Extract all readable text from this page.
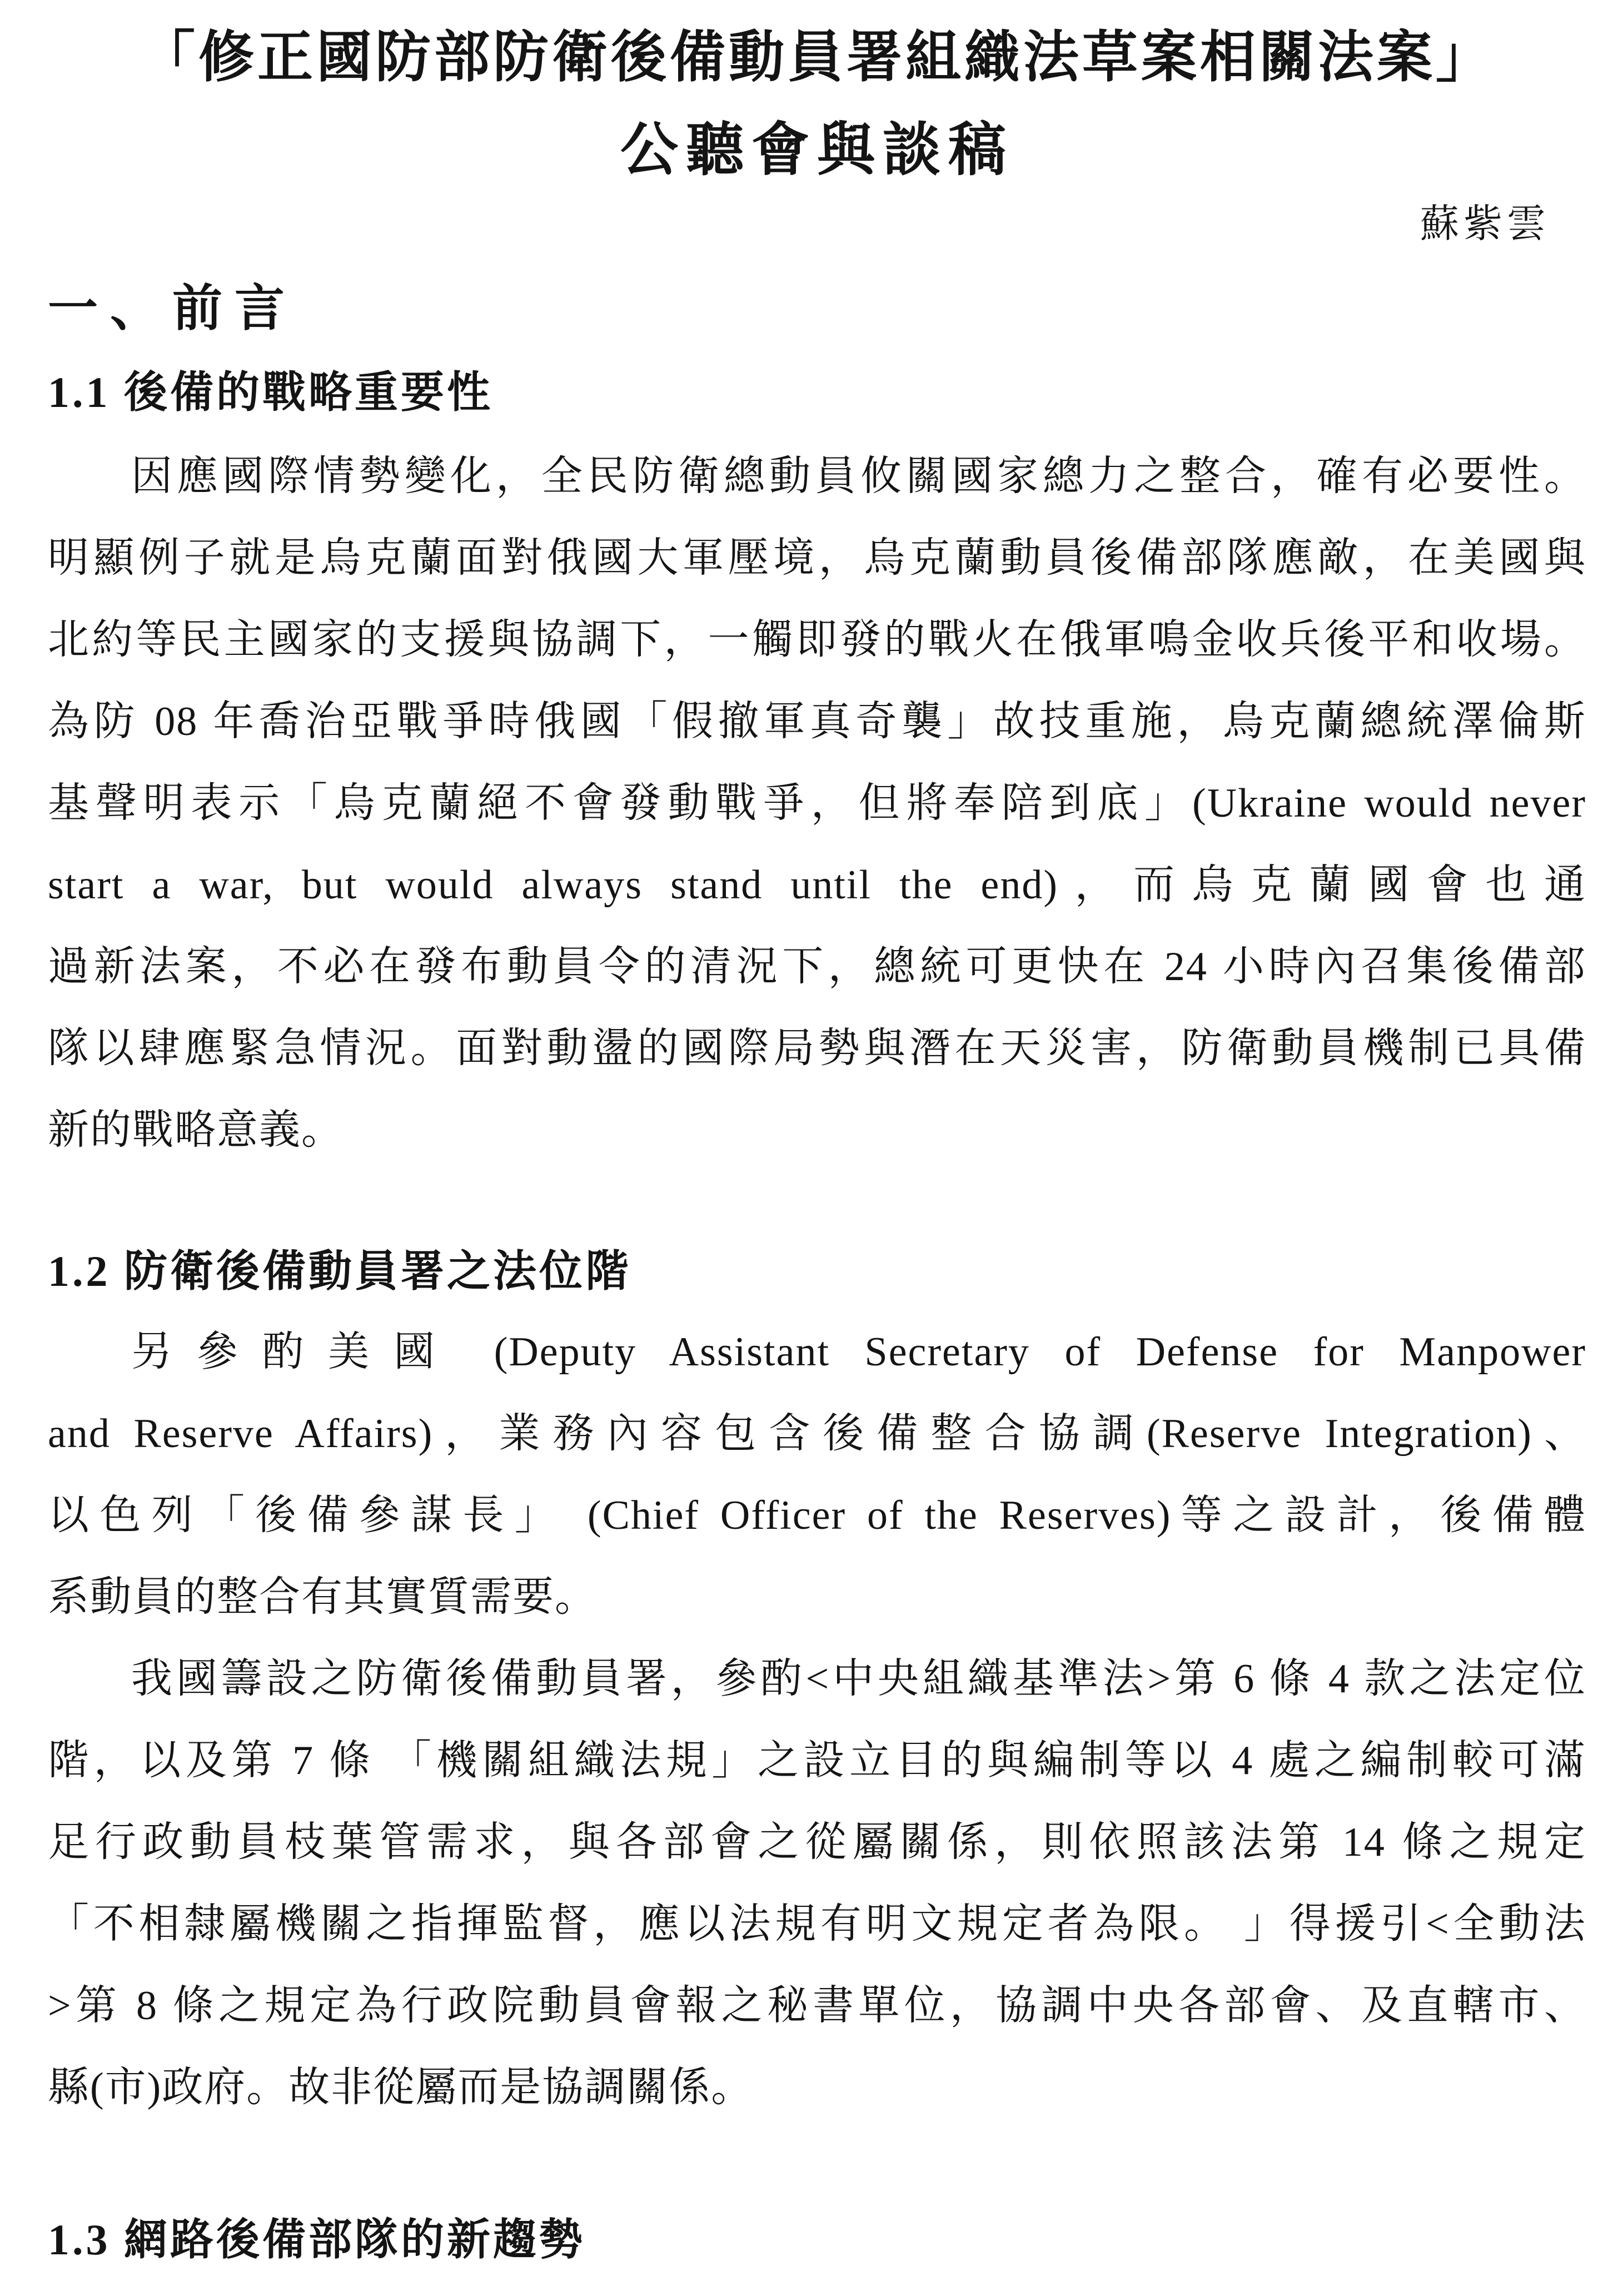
「修正國防部防衛後備動員署組織法草案相關法案」
公聽會與談稿
蘇紫雲
一、前言
1.1 後備的戰略重要性
因應國際情勢變化，全民防衛總動員攸關國家總力之整合，確有必要性。
明顯例子就是烏克蘭面對俄國大軍壓境，烏克蘭動員後備部隊應敵，在美國與
北約等民主國家的支援與協調下，一觸即發的戰火在俄軍鳴金收兵後平和收場。
為防 08 年喬治亞戰爭時俄國「假撤軍真奇襲」故技重施，烏克蘭總統澤倫斯
基聲明表示「烏克蘭絕不會發動戰爭，但將奉陪到底」(Ukraine would never
start a war, but would always stand until the end)，而烏克蘭國會也通
過新法案，不必在發布動員令的清況下，總統可更快在 24 小時內召集後備部
隊以肆應緊急情況。面對動盪的國際局勢與潛在天災害，防衛動員機制已具備
新的戰略意義。
1.2 防衛後備動員署之法位階
另參酌美國 (Deputy Assistant Secretary of Defense for Manpower
and Reserve Affairs)，業務內容包含後備整合協調(Reserve Integration)、
以色列「後備參謀長」 (Chief Officer of the Reserves)等之設計，後備體
系動員的整合有其實質需要。
我國籌設之防衛後備動員署，參酌<中央組織基準法>第 6 條 4 款之法定位
階，以及第 7 條 「機關組織法規」之設立目的與編制等以 4 處之編制較可滿
足行政動員枝葉管需求，與各部會之從屬關係，則依照該法第 14 條之規定
「不相隸屬機關之指揮監督，應以法規有明文規定者為限。 」得援引<全動法
>第 8 條之規定為行政院動員會報之秘書單位，協調中央各部會、及直轄市、
縣(市)政府。故非從屬而是協調關係。
1.3 網路後備部隊的新趨勢
